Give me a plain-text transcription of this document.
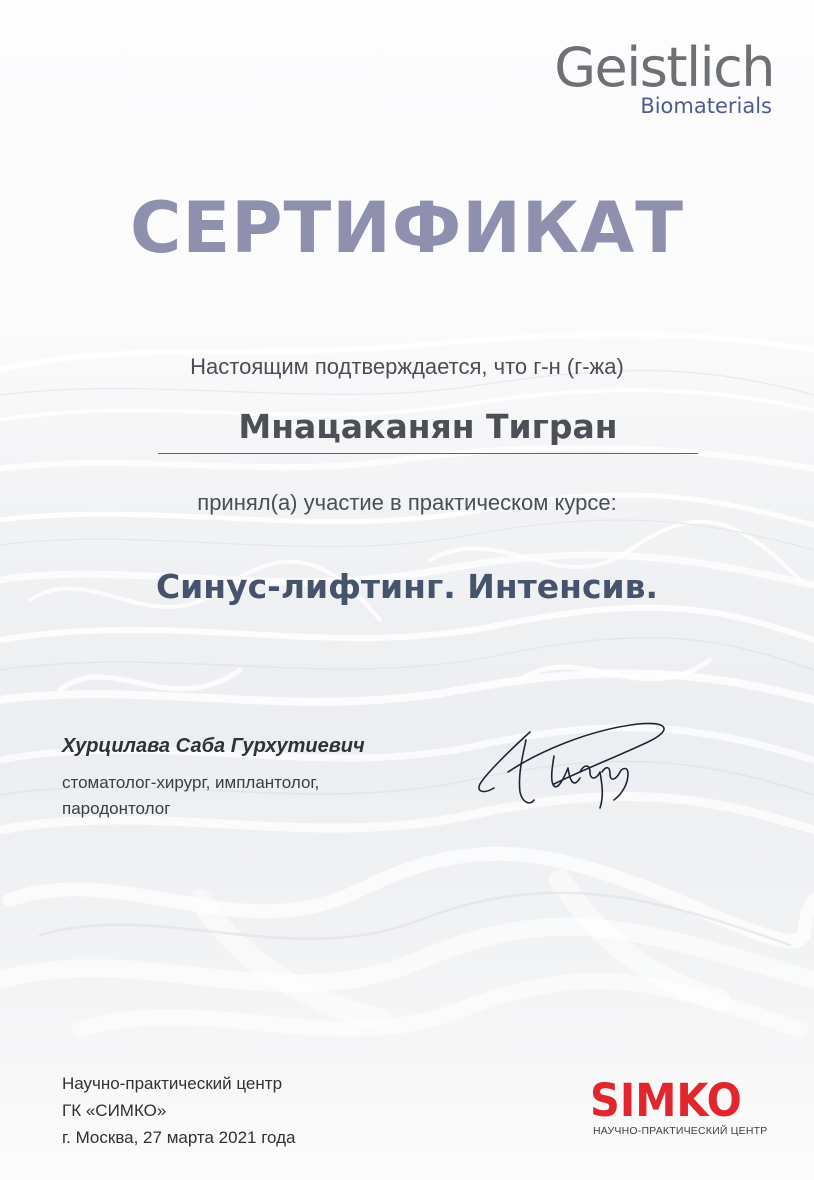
Geistlich
Biomaterials
СЕРТИФИКАТ
Настоящим подтверждается, что г-н (г-жа)
Мнацаканян Тигран
принял(а) участие в практическом курсе:
Синус-лифтинг. Интенсив.
Хурцилава Саба Гурхутиевич
стоматолог-хирург, имплантолог,
пародонтолог
Научно-практический центр
ГК «СИМКО»
г. Москва, 27 марта 2021 года
SIMKO
НАУЧНО-ПРАКТИЧЕСКИЙ ЦЕНТР
